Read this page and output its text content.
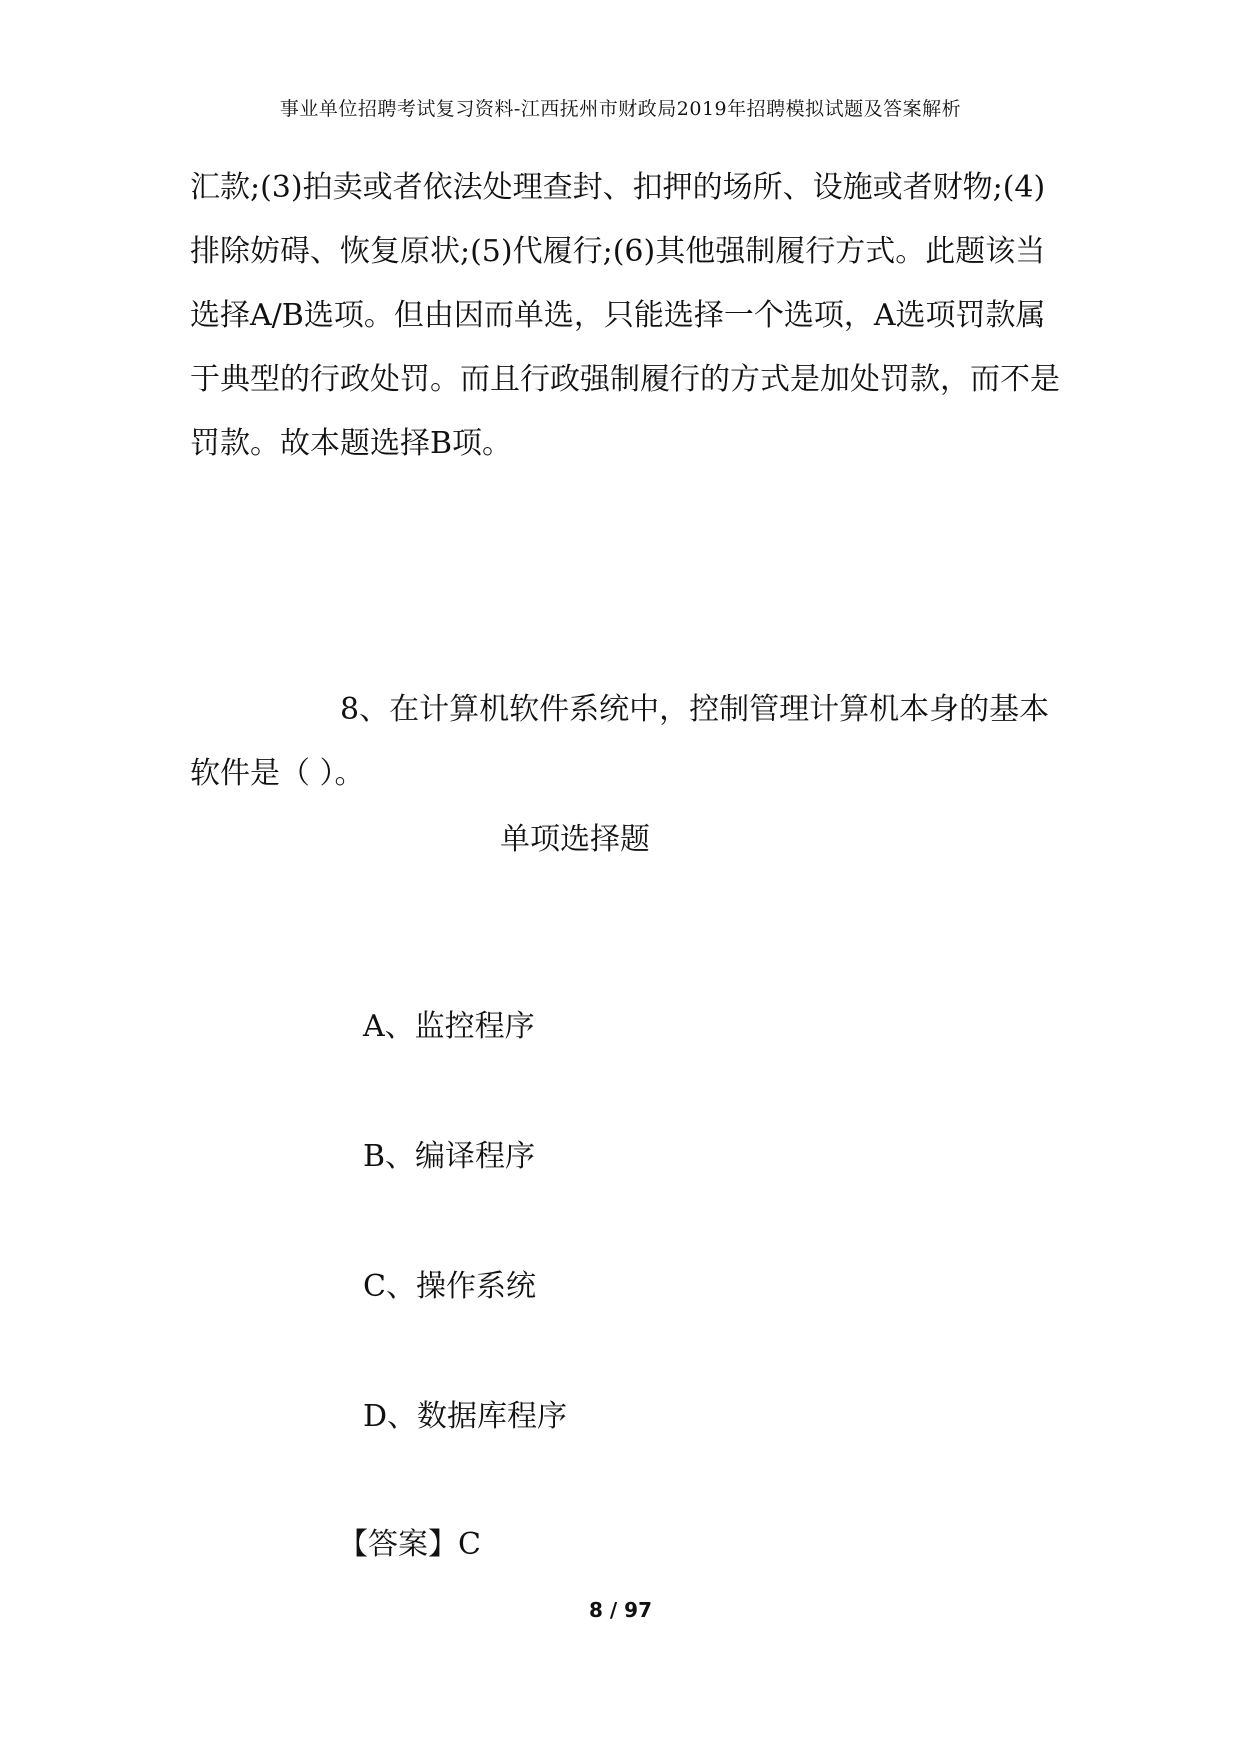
事业单位招聘考试复习资料-江西抚州市财政局2019年招聘模拟试题及答案解析

汇款;(3)拍卖或者依法处理查封、扣押的场所、设施或者财物;(4)排除妨碍、恢复原状;(5)代履行;(6)其他强制履行方式。此题该当选择A/B选项。但由因而单选，只能选择一个选项，A选项罚款属于典型的行政处罚。而且行政强制履行的方式是加处罚款，而不是罚款。故本题选择B项。

8、在计算机软件系统中，控制管理计算机本身的基本软件是（ ）。

单项选择题
A、监控程序
B、编译程序
C、操作系统
D、数据库程序
【答案】C
8 / 97
